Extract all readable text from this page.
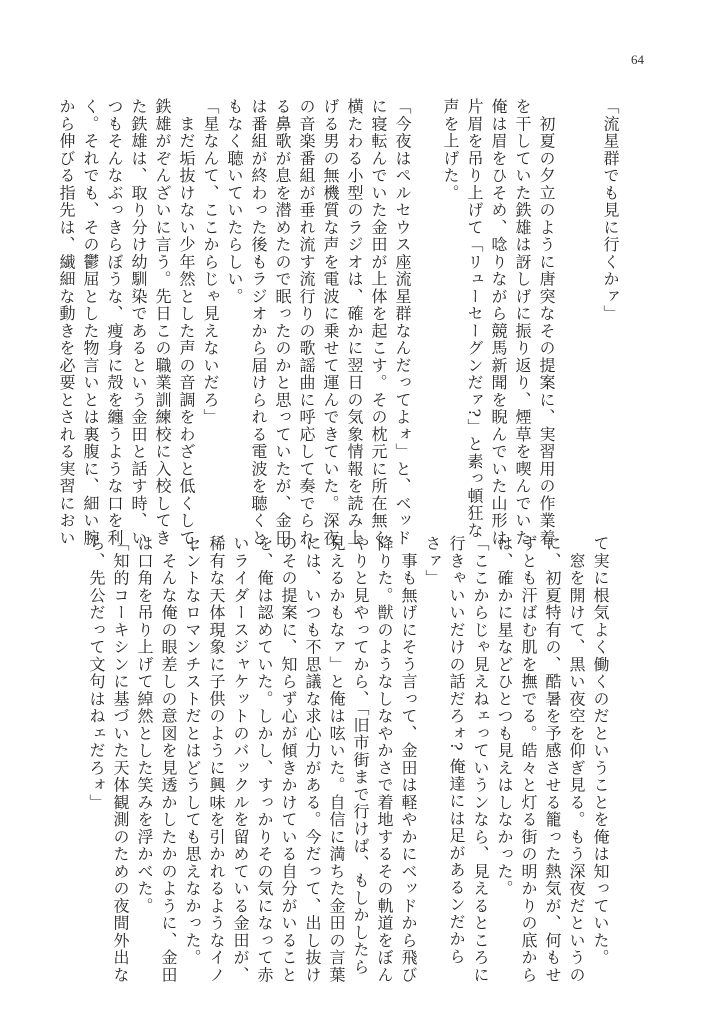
64
「流星群でも見に行くかァ」
　初夏の夕立のように唐突なその提案に、実習用の作業着
を干していた鉄雄は訝しげに振り返り、煙草を喫んでいた
俺は眉をひそめ、唸りながら競馬新聞を睨んでいた山形は
片眉を吊り上げて「リューセーグンだァ?」と素っ頓狂な
声を上げた。
「今夜はペルセウス座流星群なんだってよォ」と、ベッド
に寝転んでいた金田が上体を起こす。その枕元に所在無く
横たわる小型のラジオは、確かに翌日の気象情報を読み上
げる男の無機質な声を電波に乗せて運んできていた。深夜
の音楽番組が垂れ流す流行りの歌謡曲に呼応して奏でられ
る鼻歌が息を潜めたので眠ったのかと思っていたが、金田
は番組が終わった後もラジオから届けられる電波を聴くと
もなく聴いていたらしい。
「星なんて、ここからじゃ見えないだろ」
　まだ垢抜けない少年然とした声の音調をわざと低くして、
鉄雄がぞんざいに言う。先日この職業訓練校に入校してき
た鉄雄は、取り分け幼馴染であるという金田と話す時、い
つもそんなぶっきらぼうな、痩身に殻を纏うような口を利
く。それでも、その鬱屈とした物言いとは裏腹に、細い腕
から伸びる指先は、繊細な動きを必要とされる実習におい
て実に根気よく働くのだということを俺は知っていた。
　窓を開けて、黒い夜空を仰ぎ見る。もう深夜だというの
に、初夏特有の、酷暑を予感させる籠った熱気が、何もせ
ずとも汗ばむ肌を撫でる。皓々と灯る街の明かりの底から
は、確かに星などひとつも見えはしなかった。
「ここからじゃ見えねェっていうンなら、見えるところに
行きゃいいだけの話だろォ? 俺達には足があるンだから
さァ」
　事も無げにそう言って、金田は軽やかにベッドから飛び
降りた。獣のようなしなやかさで着地するその軌道をぼん
やりと見やってから、「旧市街まで行けば、もしかしたら
見えるかもなァ」と俺は呟いた。自信に満ちた金田の言葉
には、いつも不思議な求心力がある。今だって、出し抜け
のその提案に、知らず心が傾きかけている自分がいること
を、俺は認めていた。しかし、すっかりその気になって赤
いライダースジャケットのバックルを留めている金田が、
稀有な天体現象に子供のように興味を引かれるようなイノ
セントなロマンチストだとはどうしても思えなかった。
　そんな俺の眼差しの意図を見透かしたかのように、金田
は口角を吊り上げて綽然とした笑みを浮かべた。
「知的コーキシンに基づいた天体観測のための夜間外出な
ら、先公だって文句はねェだろォ」
